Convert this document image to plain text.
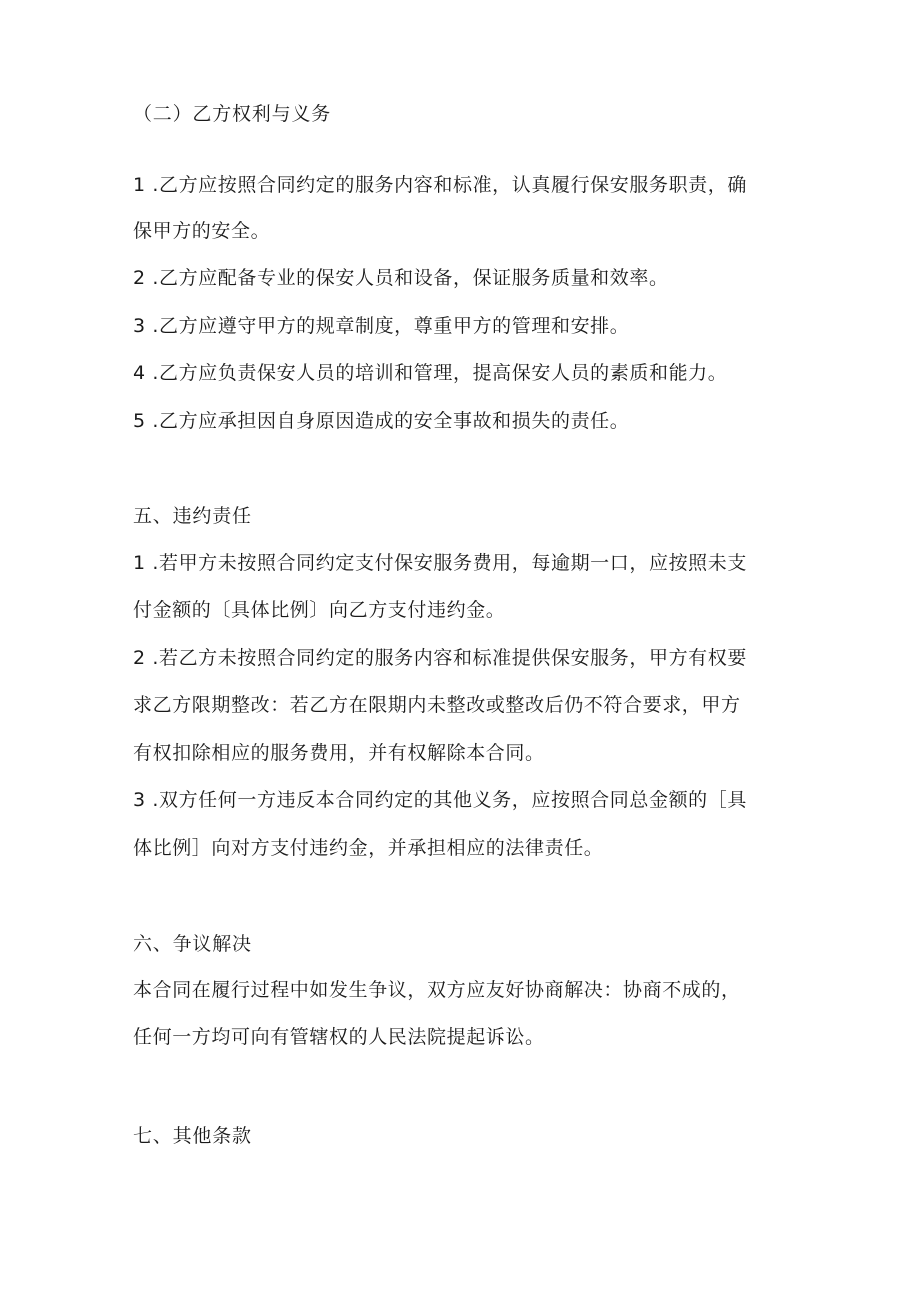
（二）乙方权利与义务
1 .乙方应按照合同约定的服务内容和标准，认真履行保安服务职责，确
保甲方的安全。
2 .乙方应配备专业的保安人员和设备，保证服务质量和效率。
3 .乙方应遵守甲方的规章制度，尊重甲方的管理和安排。
4 .乙方应负责保安人员的培训和管理，提高保安人员的素质和能力。
5 .乙方应承担因自身原因造成的安全事故和损失的责任。
五、违约责任
1 .若甲方未按照合同约定支付保安服务费用，每逾期一口，应按照未支
付金额的〔具体比例〕向乙方支付违约金。
2 .若乙方未按照合同约定的服务内容和标准提供保安服务，甲方有权要
求乙方限期整改：若乙方在限期内未整改或整改后仍不符合要求，甲方
有权扣除相应的服务费用，并有权解除本合同。
3 .双方任何一方违反本合同约定的其他义务，应按照合同总金额的［具
体比例］向对方支付违约金，并承担相应的法律责任。
六、争议解决
本合同在履行过程中如发生争议，双方应友好协商解决：协商不成的，
任何一方均可向有管辖权的人民法院提起诉讼。
七、其他条款
